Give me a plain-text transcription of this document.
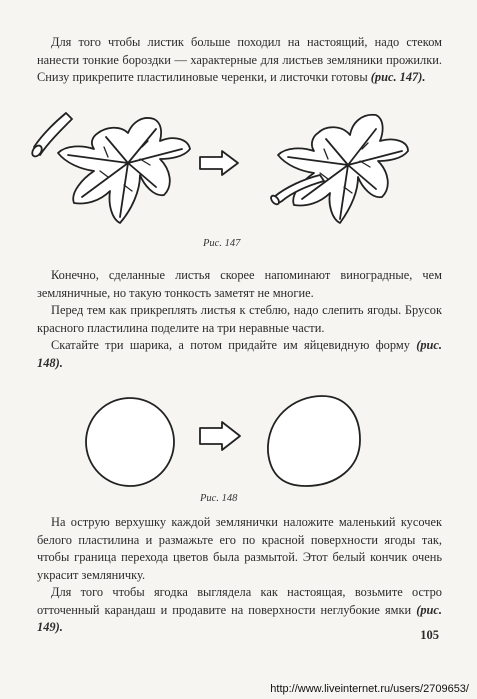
Для того чтобы листик больше походил на настоящий, надо стеком нанести тонкие бороздки — характерные для листьев земляники прожилки. Снизу прикрепите пластилиновые черенки, и листочки готовы (рис. 147).

Рис. 147

Конечно, сделанные листья скорее напоминают виноградные, чем земляничные, но такую тонкость заметят не многие.

Перед тем как прикреплять листья к стеблю, надо слепить ягоды. Брусок красного пластилина поделите на три неравные части.

Скатайте три шарика, а потом придайте им яйцевидную форму (рис. 148).

Рис. 148

На острую верхушку каждой землянички наложите маленький кусочек белого пластилина и размажьте его по красной поверхности ягоды так, чтобы граница перехода цветов была размытой. Этот белый кончик очень украсит земляничку.

Для того чтобы ягодка выглядела как настоящая, возьмите остро отточенный карандаш и продавите на поверхности неглубокие ямки (рис. 149).

105
http://www.liveinternet.ru/users/2709653/
